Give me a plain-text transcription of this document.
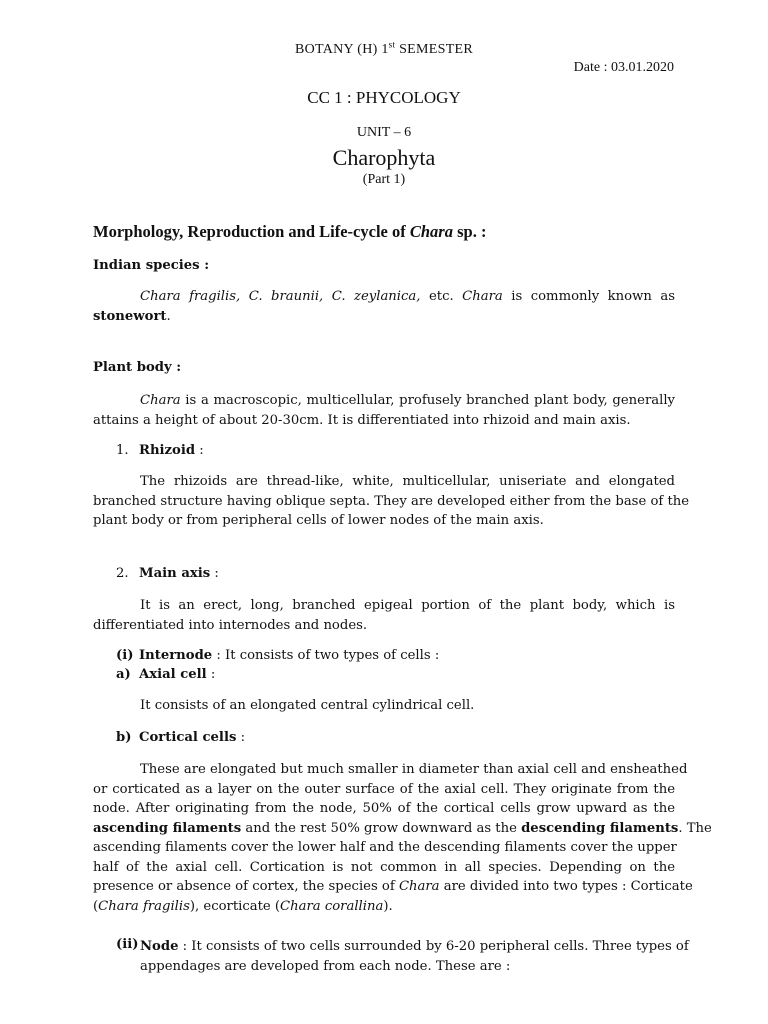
BOTANY (H) 1st SEMESTER
Date : 03.01.2020
CC 1 : PHYCOLOGY
UNIT – 6
Charophyta
(Part 1)
Morphology, Reproduction and Life-cycle of Chara sp. :
Indian species :
Chara fragilis, C. braunii, C. zeylanica, etc. Chara is commonly known as
stonewort.
Plant body :
Chara is a macroscopic, multicellular, profusely branched plant body, generally
attains a height of about 20-30cm. It is differentiated into rhizoid and main axis.
1. Rhizoid :
The rhizoids are thread-like, white, multicellular, uniseriate and elongated
branched structure having oblique septa. They are developed either from the base of the
plant body or from peripheral cells of lower nodes of the main axis.
2. Main axis :
It is an erect, long, branched epigeal portion of the plant body, which is
differentiated into internodes and nodes.
(i) Internode : It consists of two types of cells :
a) Axial cell :
It consists of an elongated central cylindrical cell.
b) Cortical cells :
These are elongated but much smaller in diameter than axial cell and ensheathed
or corticated as a layer on the outer surface of the axial cell. They originate from the
node. After originating from the node, 50% of the cortical cells grow upward as the
ascending filaments and the rest 50% grow downward as the descending filaments. The
ascending filaments cover the lower half and the descending filaments cover the upper
half of the axial cell. Cortication is not common in all species. Depending on the
presence or absence of cortex, the species of Chara are divided into two types : Corticate
(Chara fragilis), ecorticate (Chara corallina).
(ii) Node : It consists of two cells surrounded by 6-20 peripheral cells. Three types of
appendages are developed from each node. These are :
